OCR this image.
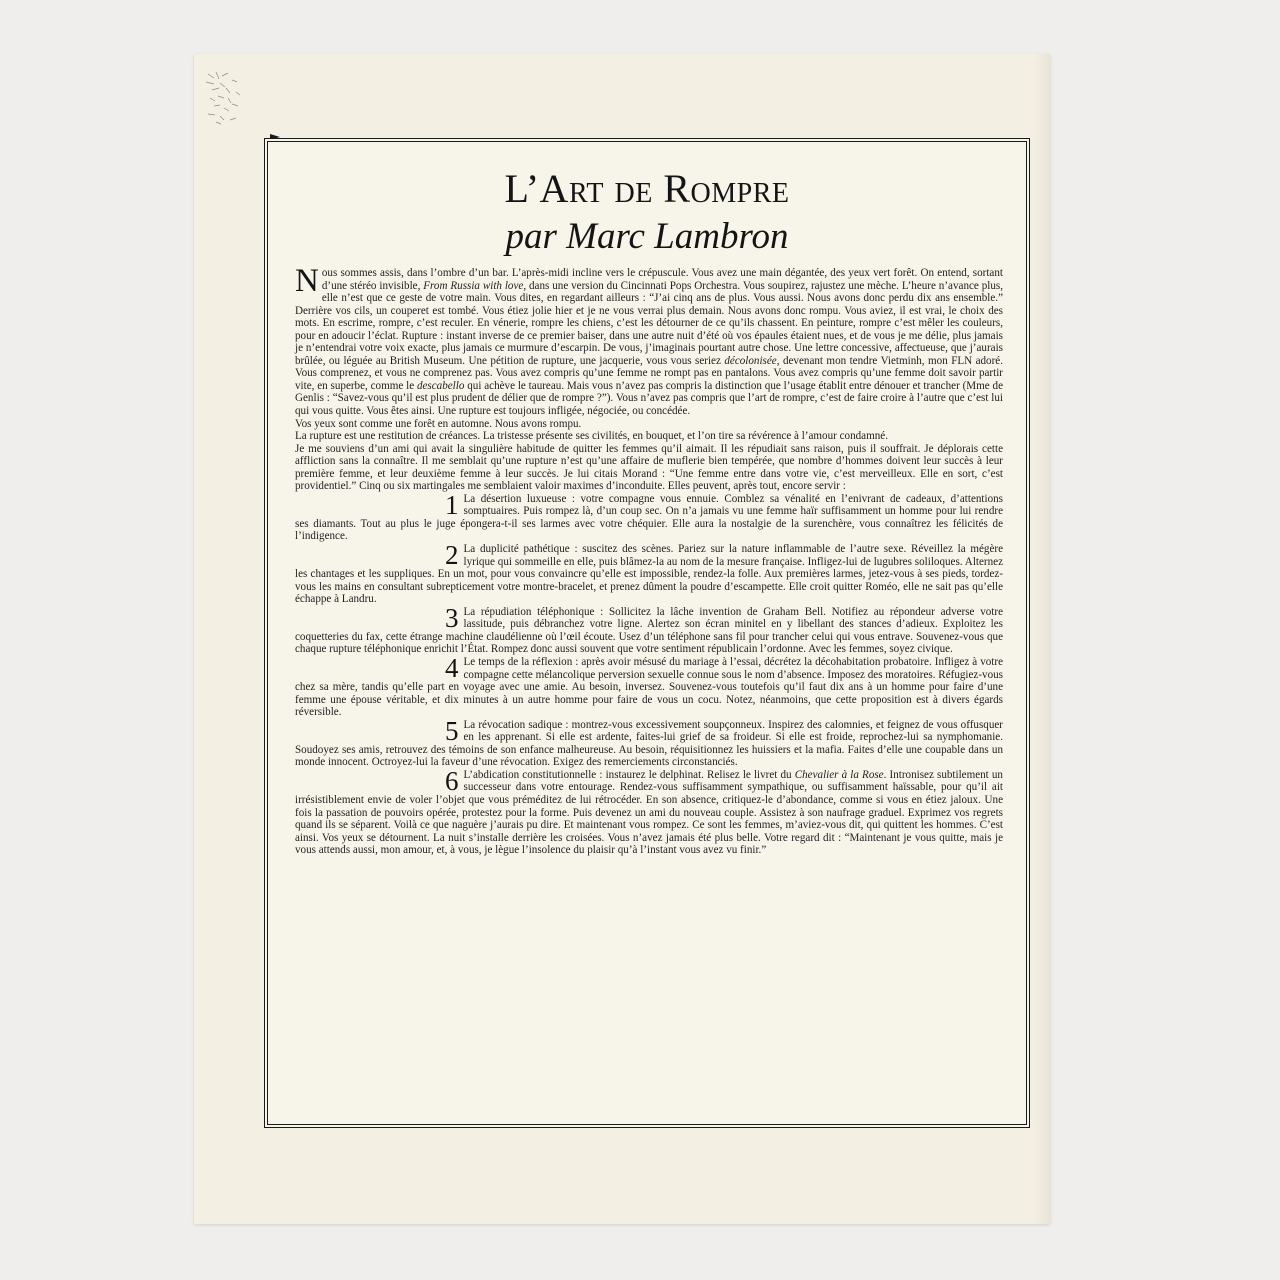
L’Art de Rompre
par Marc Lambron

Nous sommes assis, dans l’ombre d’un bar. L’après-midi incline vers le crépuscule. Vous avez une main dégantée, des yeux vert forêt. On entend, sortant d’une stéréo invisible, From Russia with love, dans une version du Cincinnati Pops Orchestra. Vous soupirez, rajustez une mèche. L’heure n’avance plus, elle n’est que ce geste de votre main. Vous dites, en regardant ailleurs : “J’ai cinq ans de plus. Vous aussi. Nous avons donc perdu dix ans ensemble.” Derrière vos cils, un couperet est tombé. Vous étiez jolie hier et je ne vous verrai plus demain. Nous avons donc rompu. Vous aviez, il est vrai, le choix des mots. En escrime, rompre, c’est reculer. En vénerie, rompre les chiens, c’est les détourner de ce qu’ils chassent. En peinture, rompre c’est mêler les couleurs, pour en adoucir l’éclat. Rupture : instant inverse de ce premier baiser, dans une autre nuit d’été où vos épaules étaient nues, et de vous je me délie, plus jamais je n’entendrai votre voix exacte, plus jamais ce murmure d’escarpin. De vous, j’imaginais pourtant autre chose. Une lettre concessive, affectueuse, que j’aurais brûlée, ou léguée au British Museum. Une pétition de rupture, une jacquerie, vous vous seriez décolonisée, devenant mon tendre Vietminh, mon FLN adoré. Vous comprenez, et vous ne comprenez pas. Vous avez compris qu’une femme ne rompt pas en pantalons. Vous avez compris qu’une femme doit savoir partir vite, en superbe, comme le descabello qui achève le taureau. Mais vous n’avez pas compris la distinction que l’usage établit entre dénouer et trancher (Mme de Genlis : “Savez-vous qu’il est plus prudent de délier que de rompre ?”). Vous n’avez pas compris que l’art de rompre, c’est de faire croire à l’autre que c’est lui qui vous quitte. Vous êtes ainsi. Une rupture est toujours infligée, négociée, ou concédée.

Vos yeux sont comme une forêt en automne. Nous avons rompu.

La rupture est une restitution de créances. La tristesse présente ses civilités, en bouquet, et l’on tire sa révérence à l’amour condamné.

Je me souviens d’un ami qui avait la singulière habitude de quitter les femmes qu’il aimait. Il les répudiait sans raison, puis il souffrait. Je déplorais cette affliction sans la connaître. Il me semblait qu’une rupture n’est qu’une affaire de muflerie bien tempérée, que nombre d’hommes doivent leur succès à leur première femme, et leur deuxième femme à leur succès. Je lui citais Morand : “Une femme entre dans votre vie, c’est merveilleux. Elle en sort, c’est providentiel.” Cinq ou six martingales me semblaient valoir maximes d’inconduite. Elles peuvent, après tout, encore servir :

1 La désertion luxueuse : votre compagne vous ennuie. Comblez sa vénalité en l’enivrant de cadeaux, d’attentions somptuaires. Puis rompez là, d’un coup sec. On n’a jamais vu une femme haïr suffisamment un homme pour lui rendre ses diamants. Tout au plus le juge épongera-t-il ses larmes avec votre chéquier. Elle aura la nostalgie de la surenchère, vous connaîtrez les félicités de l’indigence.

2 La duplicité pathétique : suscitez des scènes. Pariez sur la nature inflammable de l’autre sexe. Réveillez la mégère lyrique qui sommeille en elle, puis blâmez-la au nom de la mesure française. Infligez-lui de lugubres soliloques. Alternez les chantages et les suppliques. En un mot, pour vous convaincre qu’elle est impossible, rendez-la folle. Aux premières larmes, jetez-vous à ses pieds, tordez-vous les mains en consultant subrepticement votre montre-bracelet, et prenez dûment la poudre d’escampette. Elle croit quitter Roméo, elle ne sait pas qu’elle échappe à Landru.

3 La répudiation téléphonique : Sollicitez la lâche invention de Graham Bell. Notifiez au répondeur adverse votre lassitude, puis débranchez votre ligne. Alertez son écran minitel en y libellant des stances d’adieux. Exploitez les coquetteries du fax, cette étrange machine claudélienne où l’œil écoute. Usez d’un téléphone sans fil pour trancher celui qui vous entrave. Souvenez-vous que chaque rupture téléphonique enrichit l’État. Rompez donc aussi souvent que votre sentiment républicain l’ordonne. Avec les femmes, soyez civique.

4 Le temps de la réflexion : après avoir mésusé du mariage à l’essai, décrétez la décohabitation probatoire. Infligez à votre compagne cette mélancolique perversion sexuelle connue sous le nom d’absence. Imposez des moratoires. Réfugiez-vous chez sa mère, tandis qu’elle part en voyage avec une amie. Au besoin, inversez. Souvenez-vous toutefois qu’il faut dix ans à un homme pour faire d’une femme une épouse véritable, et dix minutes à un autre homme pour faire de vous un cocu. Notez, néanmoins, que cette proposition est à divers égards réversible.

5 La révocation sadique : montrez-vous excessivement soupçonneux. Inspirez des calomnies, et feignez de vous offusquer en les apprenant. Si elle est ardente, faites-lui grief de sa froideur. Si elle est froide, reprochez-lui sa nymphomanie. Soudoyez ses amis, retrouvez des témoins de son enfance malheureuse. Au besoin, réquisitionnez les huissiers et la mafia. Faites d’elle une coupable dans un monde innocent. Octroyez-lui la faveur d’une révocation. Exigez des remerciements circonstanciés.

6 L’abdication constitutionnelle : instaurez le delphinat. Relisez le livret du Chevalier à la Rose. Intronisez subtilement un successeur dans votre entourage. Rendez-vous suffisamment sympathique, ou suffisamment haïssable, pour qu’il ait irrésistiblement envie de voler l’objet que vous préméditez de lui rétrocéder. En son absence, critiquez-le d’abondance, comme si vous en étiez jaloux. Une fois la passation de pouvoirs opérée, protestez pour la forme. Puis devenez un ami du nouveau couple. Assistez à son naufrage graduel. Exprimez vos regrets quand ils se séparent. Voilà ce que naguère j’aurais pu dire. Et maintenant vous rompez. Ce sont les femmes, m’aviez-vous dit, qui quittent les hommes. C’est ainsi. Vos yeux se détournent. La nuit s’installe derrière les croisées. Vous n’avez jamais été plus belle. Votre regard dit : “Maintenant je vous quitte, mais je vous attends aussi, mon amour, et, à vous, je lègue l’insolence du plaisir qu’à l’instant vous avez vu finir.”
